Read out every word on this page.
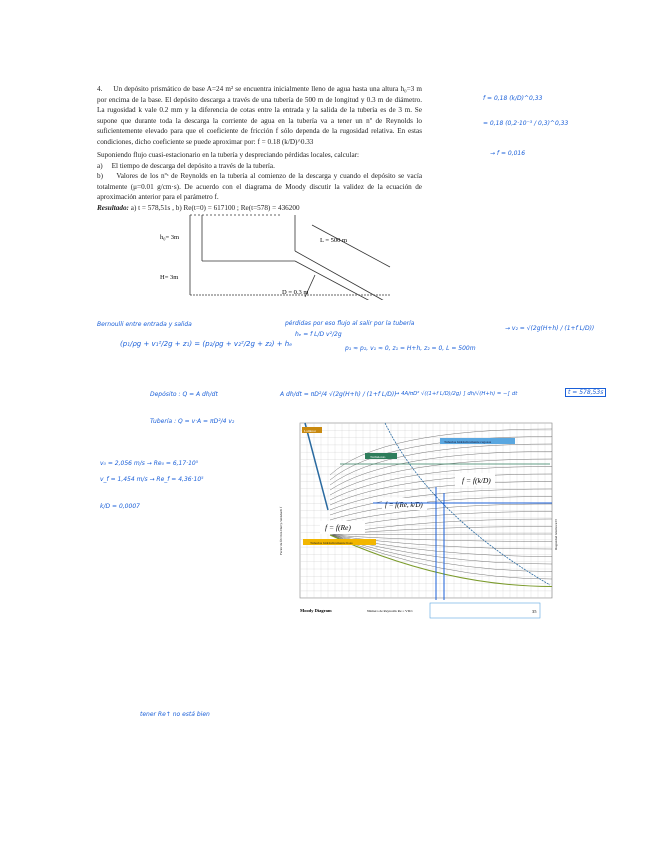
4. Un depósito prismático de base A=24 m² se encuentra inicialmente lleno de agua hasta una altura h₀=3 m por encima de la base. El depósito descarga a través de una tubería de 500 m de longitud y 0.3 m de diámetro. La rugosidad k vale 0.2 mm y la diferencia de cotas entre la entrada y la salida de la tubería es de 3 m. Se supone que durante toda la descarga la corriente de agua en la tubería va a tener un nº de Reynolds lo suficientemente elevado para que el coeficiente de fricción f sólo dependa de la rugosidad relativa. En estas condiciones, dicho coeficiente se puede aproximar por: f = 0.18 (k/D)^0.33
Suponiendo flujo cuasi-estacionario en la tubería y despreciando pérdidas locales, calcular:
a) El tiempo de descarga del depósito a través de la tubería.
b) Valores de los nºˢ de Reynolds en la tubería al comienzo de la descarga y cuando el depósito se vacía totalmente (μ=0.01 g/cm·s). De acuerdo con el diagrama de Moody discutir la validez de la ecuación de aproximación anterior para el parámetro f.
Resultado: a) t = 578,51s , b) Re(t=0) = 617100 ; Re(t=578) = 436200
h₀= 3m
H= 3m
L = 500 m
D = 0.3 m
f = 0,18 (k/D)^0,33
= 0,18 (0,2·10⁻³ / 0,3)^0,33
→ f = 0,016
Bernoulli entre entrada y salida
(p₁/ρg + v₁²/2g + z₁) = (p₂/ρg + v₂²/2g + z₂) + hₑ
pérdidas por eso flujo al salir por la tubería
hₑ = f L/D v²/2g
p₁ ≈ p₂, v₁ ≈ 0, z₁ = H+h, z₂ = 0, L = 500m
→ v₂ = √(2g(H+h) / (1+f L/D))
Depósito : Q = A dh/dt
Tubería : Q = v·A = πD²/4 v₂
A dh/dt = πD²/4 √(2g(H+h) / (1+f L/D))
→ 4A/πD² √((1+f L/D)/2g) ∫ dh/√(H+h) = −∫ dt	t = 578,53s
v₀ = 2,056 m/s → Re₀ = 6,17·10⁵
v_f = 1,454 m/s → Re_f = 4,36·10⁵
k/D = 0,0007
tener Re↑ no está bien
Laminar
Turbulento
Tuberías hidráulicamente rugosas
Tuberías hidráulicamente lisas
f = f(Re)
f = f(Re, k/D)
f = f(k/D)
Factor de fricción Darcy-Weisbach f	Rugosidad relativa k/D
Moody Diagram	Número de Reynolds Re = VD/ν	35
